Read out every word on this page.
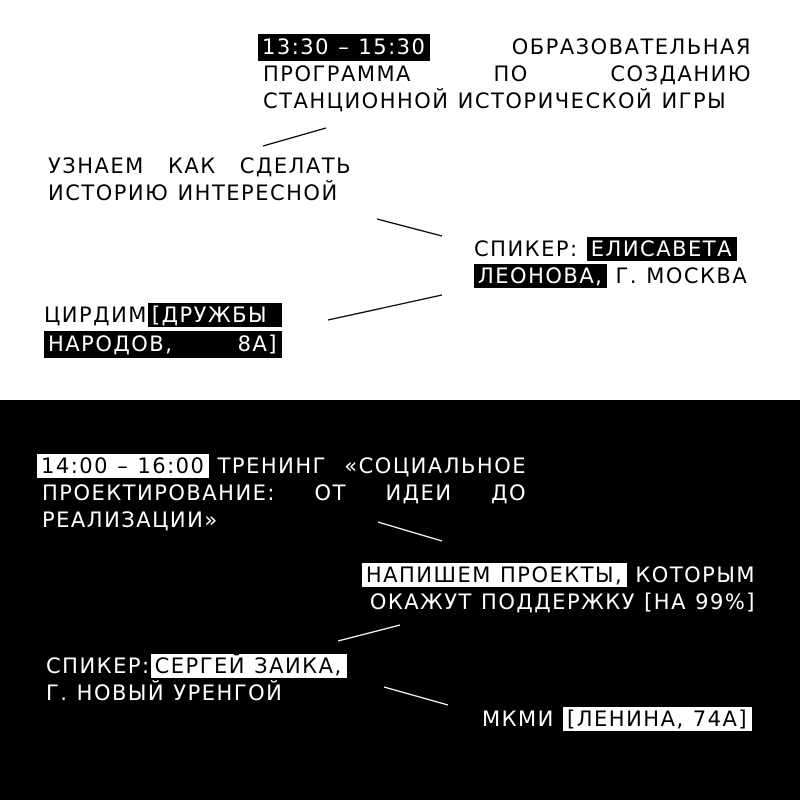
13:30 – 15:30	ОБРАЗОВАТЕЛЬНАЯ
ПРОГРАММА	ПО	СОЗДАНИЮ
СТАНЦИОННОЙ ИСТОРИЧЕСКОЙ ИГРЫ
УЗНАЕМ КАК СДЕЛАТЬ
ИСТОРИЮ ИНТЕРЕСНОЙ
СПИКЕР: ЕЛИСАВЕТА
ЛЕОНОВА, Г. МОСКВА
ЦИРДИМ [ДРУЖБЫ
НАРОДОВ,	8А]
14:00 – 16:00 ТРЕНИНГ «СОЦИАЛЬНОЕ
ПРОЕКТИРОВАНИЕ: ОТ ИДЕИ ДО
РЕАЛИЗАЦИИ»
НАПИШЕМ ПРОЕКТЫ, КОТОРЫМ
ОКАЖУТ ПОДДЕРЖКУ [НА 99%]
СПИКЕР: СЕРГЕЙ ЗАИКА,
Г. НОВЫЙ УРЕНГОЙ
МКМИ [ЛЕНИНА, 74А]
